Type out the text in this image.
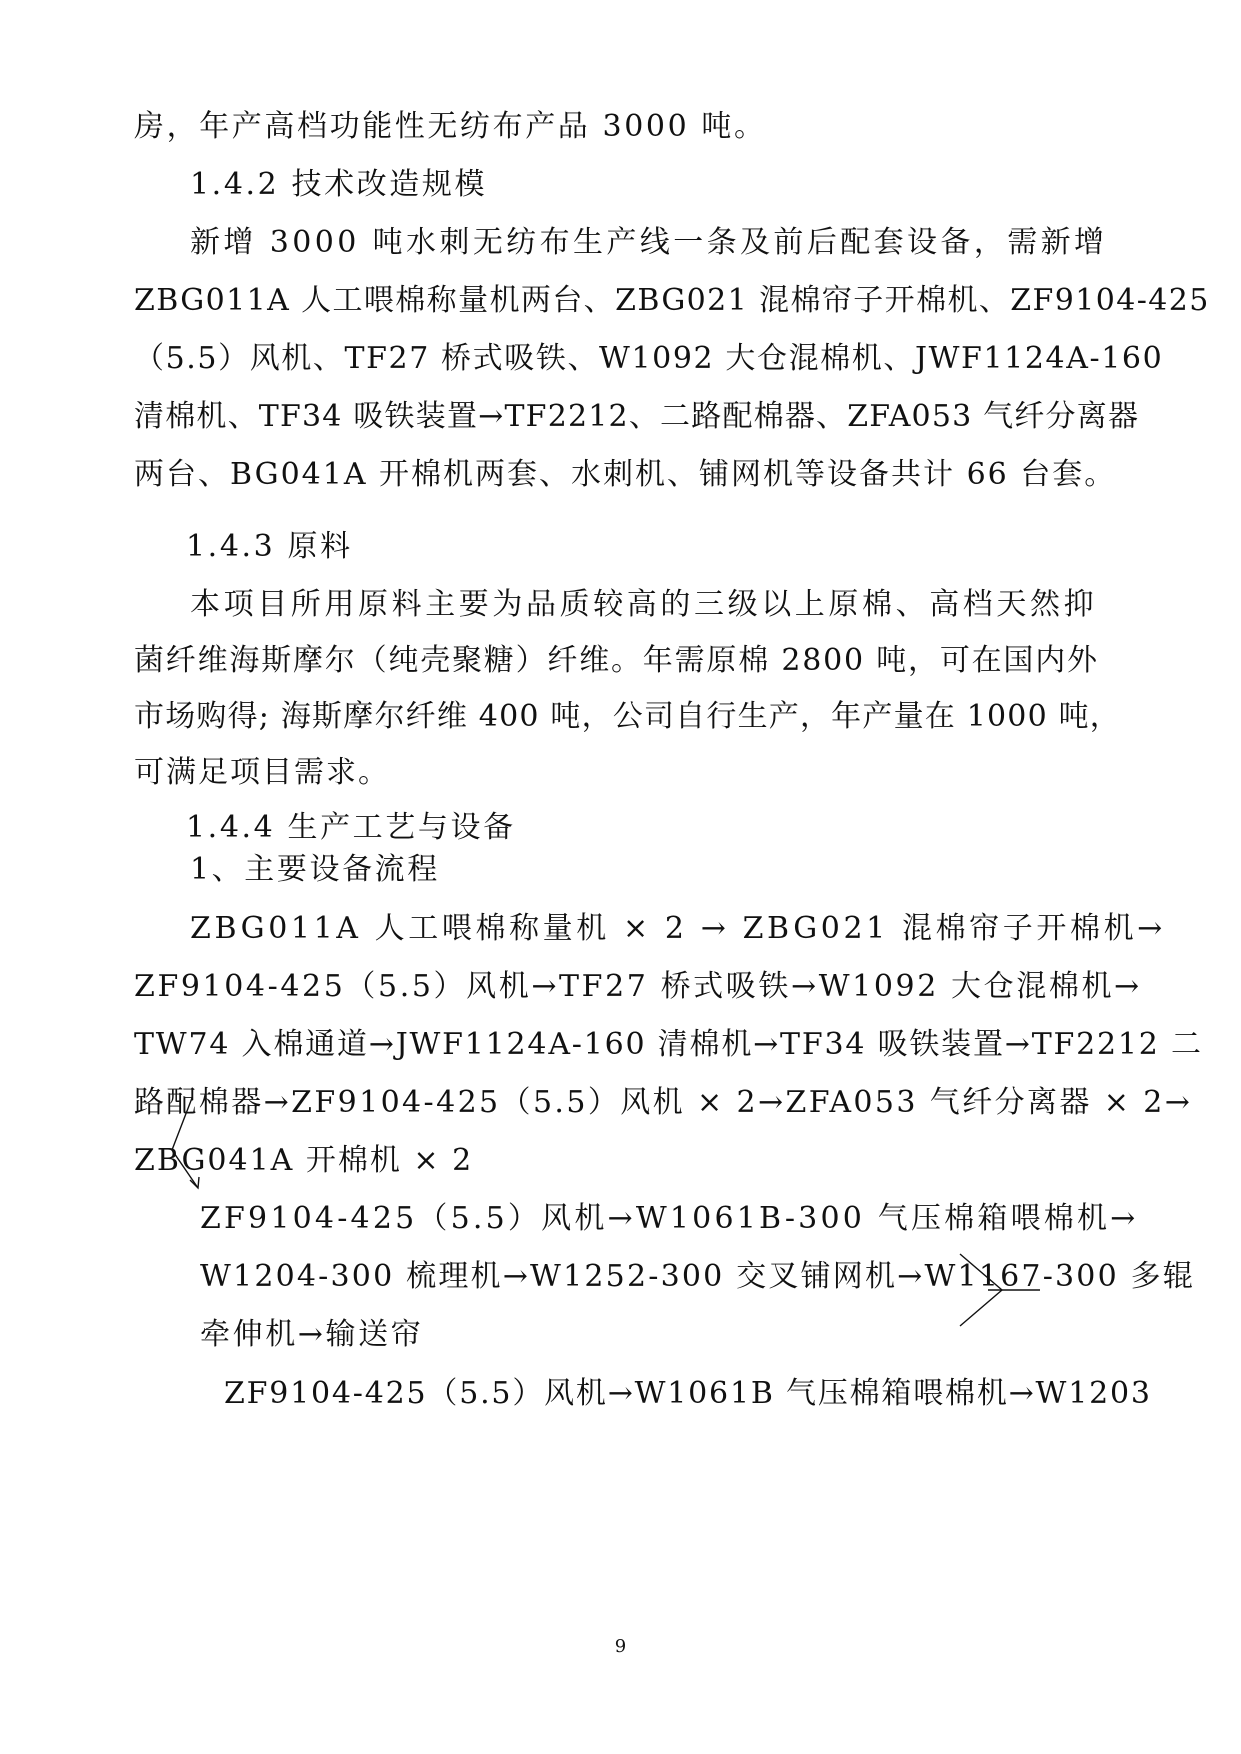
房，年产高档功能性无纺布产品 3000 吨。

1.4.2 技术改造规模

新增 3000 吨水刺无纺布生产线一条及前后配套设备，需新增

ZBG011A 人工喂棉称量机两台、ZBG021 混棉帘子开棉机、ZF9104-425

（5.5）风机、TF27 桥式吸铁、W1092 大仓混棉机、JWF1124A-160

清棉机、TF34 吸铁装置→TF2212、二路配棉器、ZFA053 气纤分离器

两台、BG041A 开棉机两套、水刺机、铺网机等设备共计 66 台套。

1.4.3 原料

本项目所用原料主要为品质较高的三级以上原棉、高档天然抑

菌纤维海斯摩尔（纯壳聚糖）纤维。年需原棉 2800 吨，可在国内外

市场购得; 海斯摩尔纤维 400 吨，公司自行生产，年产量在 1000 吨，

可满足项目需求。

1.4.4 生产工艺与设备

1、主要设备流程

ZBG011A 人工喂棉称量机 × 2 → ZBG021 混棉帘子开棉机→

ZF9104-425（5.5）风机→TF27 桥式吸铁→W1092 大仓混棉机→

TW74 入棉通道→JWF1124A-160 清棉机→TF34 吸铁装置→TF2212 二

路配棉器→ZF9104-425（5.5）风机 × 2→ZFA053 气纤分离器 × 2→

ZBG041A 开棉机 × 2

ZF9104-425（5.5）风机→W1061B-300 气压棉箱喂棉机→

W1204-300 梳理机→W1252-300 交叉铺网机→W1167-300 多辊

牵伸机→输送帘

ZF9104-425（5.5）风机→W1061B 气压棉箱喂棉机→W1203

9
